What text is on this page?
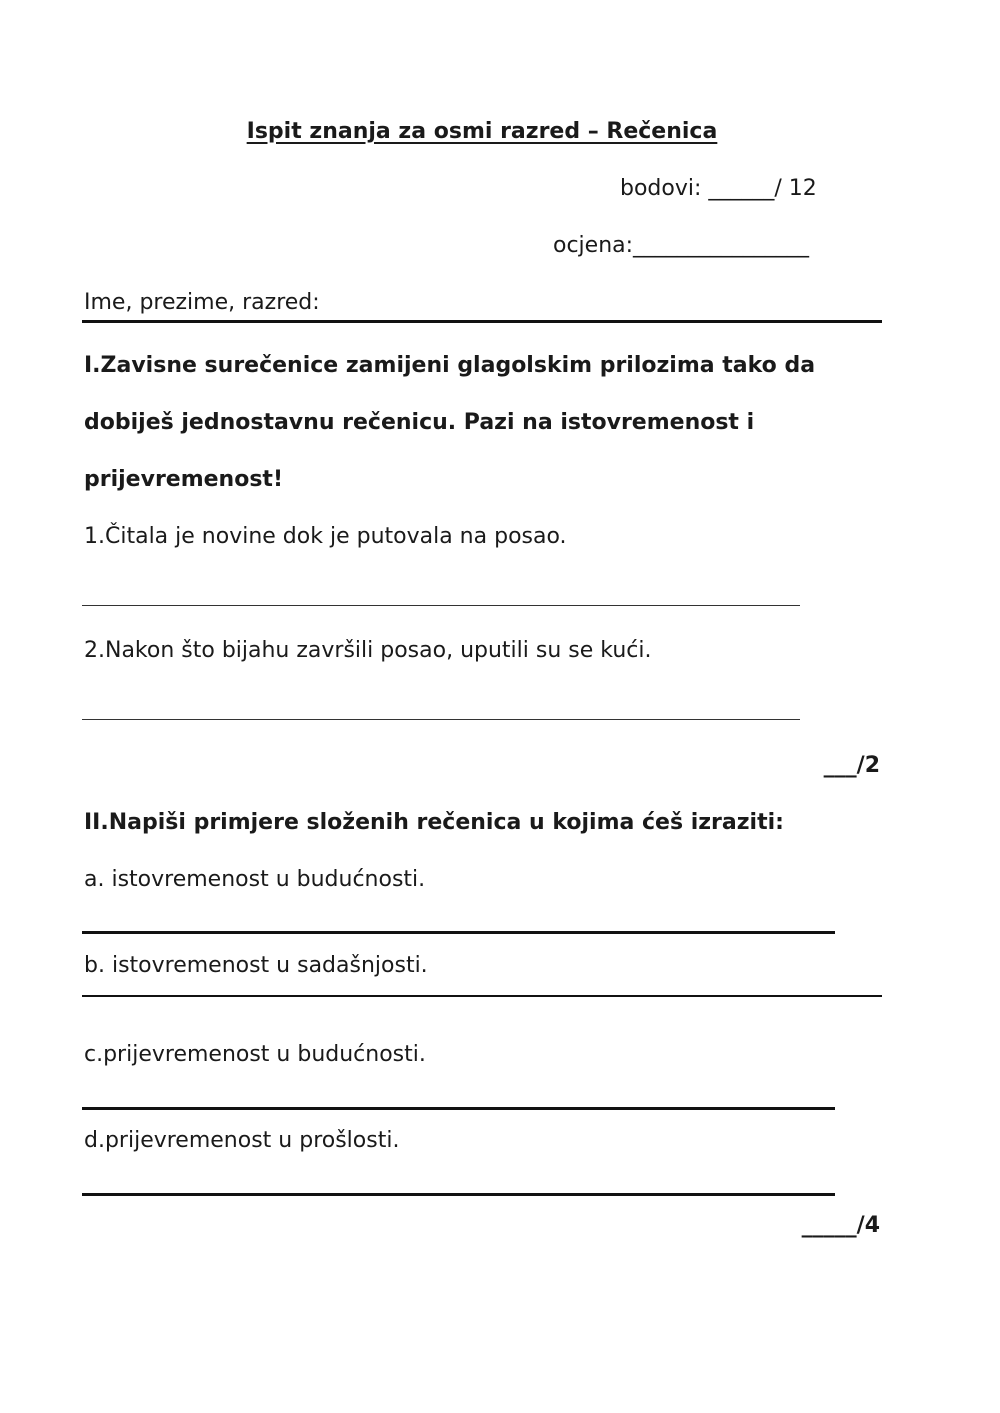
Ispit znanja za osmi razred – Rečenica
bodovi: ______/ 12
ocjena:________________
Ime, prezime, razred:
I.Zavisne surečenice zamijeni glagolskim prilozima tako da
dobiješ jednostavnu rečenicu. Pazi na istovremenost i
prijevremenost!
1.Čitala je novine dok je putovala na posao.
2.Nakon što bijahu završili posao, uputili su se kući.
___/2
II.Napiši primjere složenih rečenica u kojima ćeš izraziti:
a. istovremenost u budućnosti.
b. istovremenost u sadašnjosti.
c.prijevremenost u budućnosti.
d.prijevremenost u prošlosti.
_____/4
